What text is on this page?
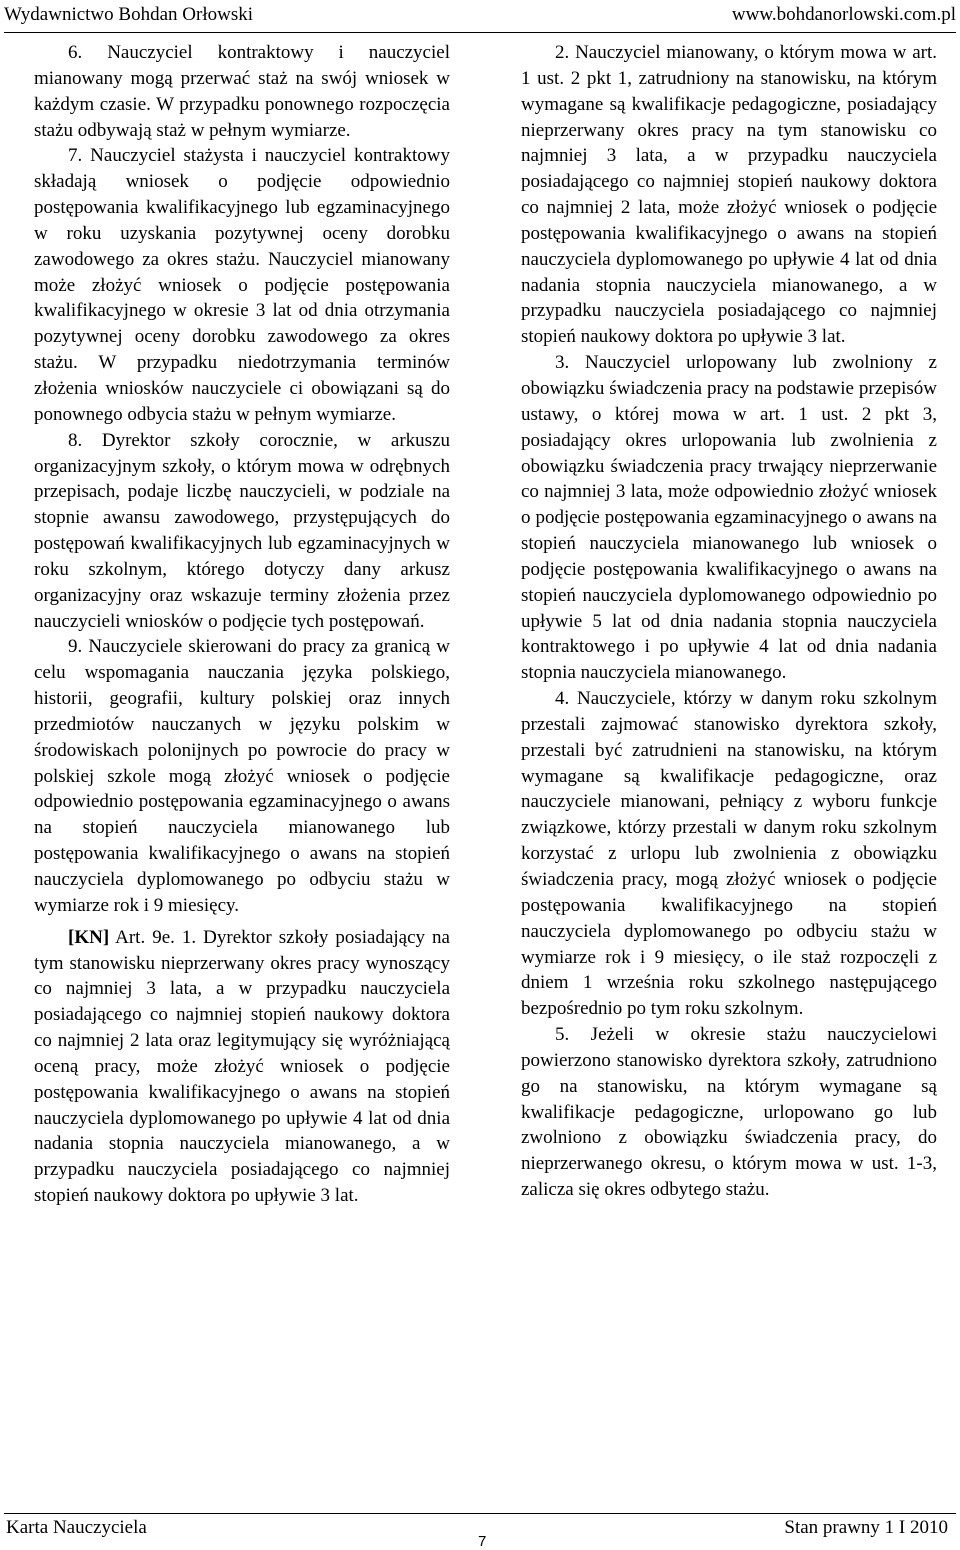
Wydawnictwo Bohdan Orłowski	www.bohdanorlowski.com.pl

6. Nauczyciel kontraktowy i nauczyciel mianowany mogą przerwać staż na swój wniosek w każdym czasie. W przypadku ponownego rozpoczęcia stażu odbywają staż w pełnym wymiarze.

7. Nauczyciel stażysta i nauczyciel kontraktowy składają wniosek o podjęcie odpowiednio postępowania kwalifikacyjnego lub egzaminacyjnego w roku uzyskania pozytywnej oceny dorobku zawodowego za okres stażu. Nauczyciel mianowany może złożyć wniosek o podjęcie postępowania kwalifikacyjnego w okresie 3 lat od dnia otrzymania pozytywnej oceny dorobku zawodowego za okres stażu. W przypadku niedotrzymania terminów złożenia wniosków nauczyciele ci obowiązani są do ponownego odbycia stażu w pełnym wymiarze.

8. Dyrektor szkoły corocznie, w arkuszu organizacyjnym szkoły, o którym mowa w odrębnych przepisach, podaje liczbę nauczycieli, w podziale na stopnie awansu zawodowego, przystępujących do postępowań kwalifikacyjnych lub egzaminacyjnych w roku szkolnym, którego dotyczy dany arkusz organizacyjny oraz wskazuje terminy złożenia przez nauczycieli wniosków o podjęcie tych postępowań.

9. Nauczyciele skierowani do pracy za granicą w celu wspomagania nauczania języka polskiego, historii, geografii, kultury polskiej oraz innych przedmiotów nauczanych w języku polskim w środowiskach polonijnych po powrocie do pracy w polskiej szkole mogą złożyć wniosek o podjęcie odpowiednio postępowania egzaminacyjnego o awans na stopień nauczyciela mianowanego lub postępowania kwalifikacyjnego o awans na stopień nauczyciela dyplomowanego po odbyciu stażu w wymiarze rok i 9 miesięcy.

[KN] Art. 9e. 1. Dyrektor szkoły posiadający na tym stanowisku nieprzerwany okres pracy wynoszący co najmniej 3 lata, a w przypadku nauczyciela posiadającego co najmniej stopień naukowy doktora co najmniej 2 lata oraz legitymujący się wyróżniającą oceną pracy, może złożyć wniosek o podjęcie postępowania kwalifikacyjnego o awans na stopień nauczyciela dyplomowanego po upływie 4 lat od dnia nadania stopnia nauczyciela mianowanego, a w przypadku nauczyciela posiadającego co najmniej stopień naukowy doktora po upływie 3 lat.

2. Nauczyciel mianowany, o którym mowa w art. 1 ust. 2 pkt 1, zatrudniony na stanowisku, na którym wymagane są kwalifikacje pedagogiczne, posiadający nieprzerwany okres pracy na tym stanowisku co najmniej 3 lata, a w przypadku nauczyciela posiadającego co najmniej stopień naukowy doktora co najmniej 2 lata, może złożyć wniosek o podjęcie postępowania kwalifikacyjnego o awans na stopień nauczyciela dyplomowanego po upływie 4 lat od dnia nadania stopnia nauczyciela mianowanego, a w przypadku nauczyciela posiadającego co najmniej stopień naukowy doktora po upływie 3 lat.

3. Nauczyciel urlopowany lub zwolniony z obowiązku świadczenia pracy na podstawie przepisów ustawy, o której mowa w art. 1 ust. 2 pkt 3, posiadający okres urlopowania lub zwolnienia z obowiązku świadczenia pracy trwający nieprzerwanie co najmniej 3 lata, może odpowiednio złożyć wniosek o podjęcie postępowania egzaminacyjnego o awans na stopień nauczyciela mianowanego lub wniosek o podjęcie postępowania kwalifikacyjnego o awans na stopień nauczyciela dyplomowanego odpowiednio po upływie 5 lat od dnia nadania stopnia nauczyciela kontraktowego i po upływie 4 lat od dnia nadania stopnia nauczyciela mianowanego.

4. Nauczyciele, którzy w danym roku szkolnym przestali zajmować stanowisko dyrektora szkoły, przestali być zatrudnieni na stanowisku, na którym wymagane są kwalifikacje pedagogiczne, oraz nauczyciele mianowani, pełniący z wyboru funkcje związkowe, którzy przestali w danym roku szkolnym korzystać z urlopu lub zwolnienia z obowiązku świadczenia pracy, mogą złożyć wniosek o podjęcie postępowania kwalifikacyjnego na stopień nauczyciela dyplomowanego po odbyciu stażu w wymiarze rok i 9 miesięcy, o ile staż rozpoczęli z dniem 1 września roku szkolnego następującego bezpośrednio po tym roku szkolnym.

5. Jeżeli w okresie stażu nauczycielowi powierzono stanowisko dyrektora szkoły, zatrudniono go na stanowisku, na którym wymagane są kwalifikacje pedagogiczne, urlopowano go lub zwolniono z obowiązku świadczenia pracy, do nieprzerwanego okresu, o którym mowa w ust. 1-3, zalicza się okres odbytego stażu.

Karta Nauczyciela
7
Stan prawny 1 I 2010
